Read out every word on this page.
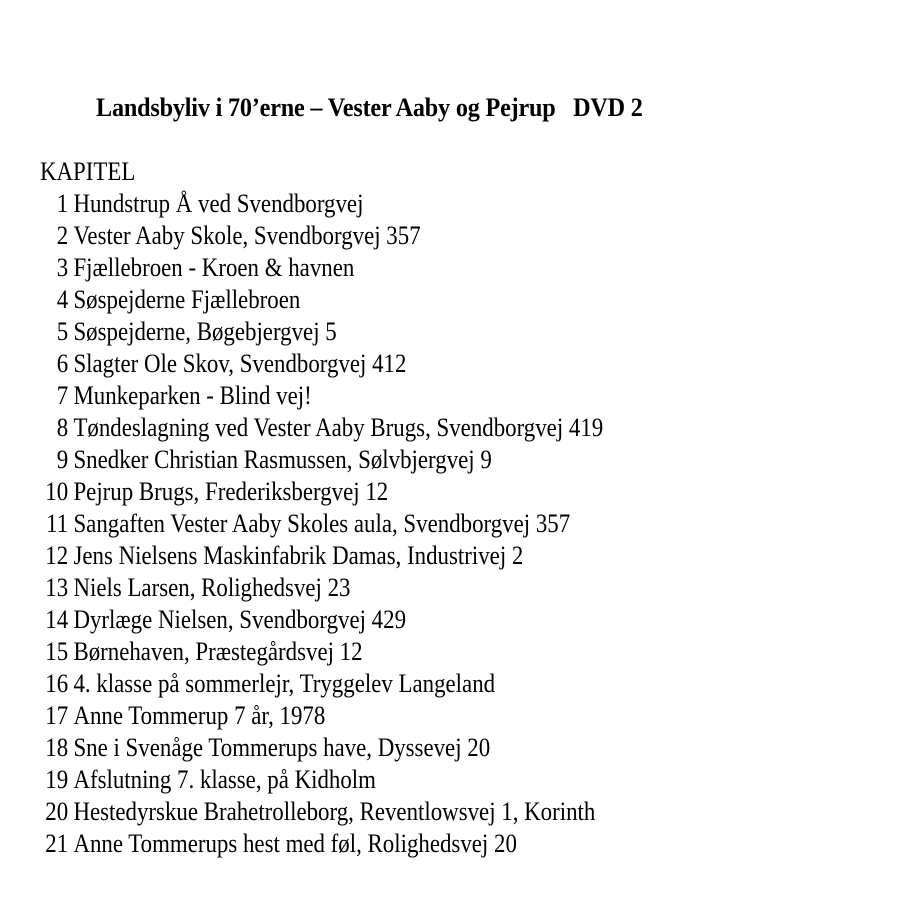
Landsbyliv i 70’erne – Vester Aaby og Pejrup   DVD 2
KAPITEL
1 Hundstrup Å ved Svendborgvej
2 Vester Aaby Skole, Svendborgvej 357
3 Fjællebroen - Kroen & havnen
4 Søspejderne Fjællebroen
5 Søspejderne, Bøgebjergvej 5
6 Slagter Ole Skov, Svendborgvej 412
7 Munkeparken - Blind vej!
8 Tøndeslagning ved Vester Aaby Brugs, Svendborgvej 419
9 Snedker Christian Rasmussen, Sølvbjergvej 9
10 Pejrup Brugs, Frederiksbergvej 12
11 Sangaften Vester Aaby Skoles aula, Svendborgvej 357
12 Jens Nielsens Maskinfabrik Damas, Industrivej 2
13 Niels Larsen, Rolighedsvej 23
14 Dyrlæge Nielsen, Svendborgvej 429
15 Børnehaven, Præstegårdsvej 12
16 4. klasse på sommerlejr, Tryggelev Langeland
17 Anne Tommerup 7 år, 1978
18 Sne i Svenåge Tommerups have, Dyssevej 20
19 Afslutning 7. klasse, på Kidholm
20 Hestedyrskue Brahetrolleborg, Reventlowsvej 1, Korinth
21 Anne Tommerups hest med føl, Rolighedsvej 20
